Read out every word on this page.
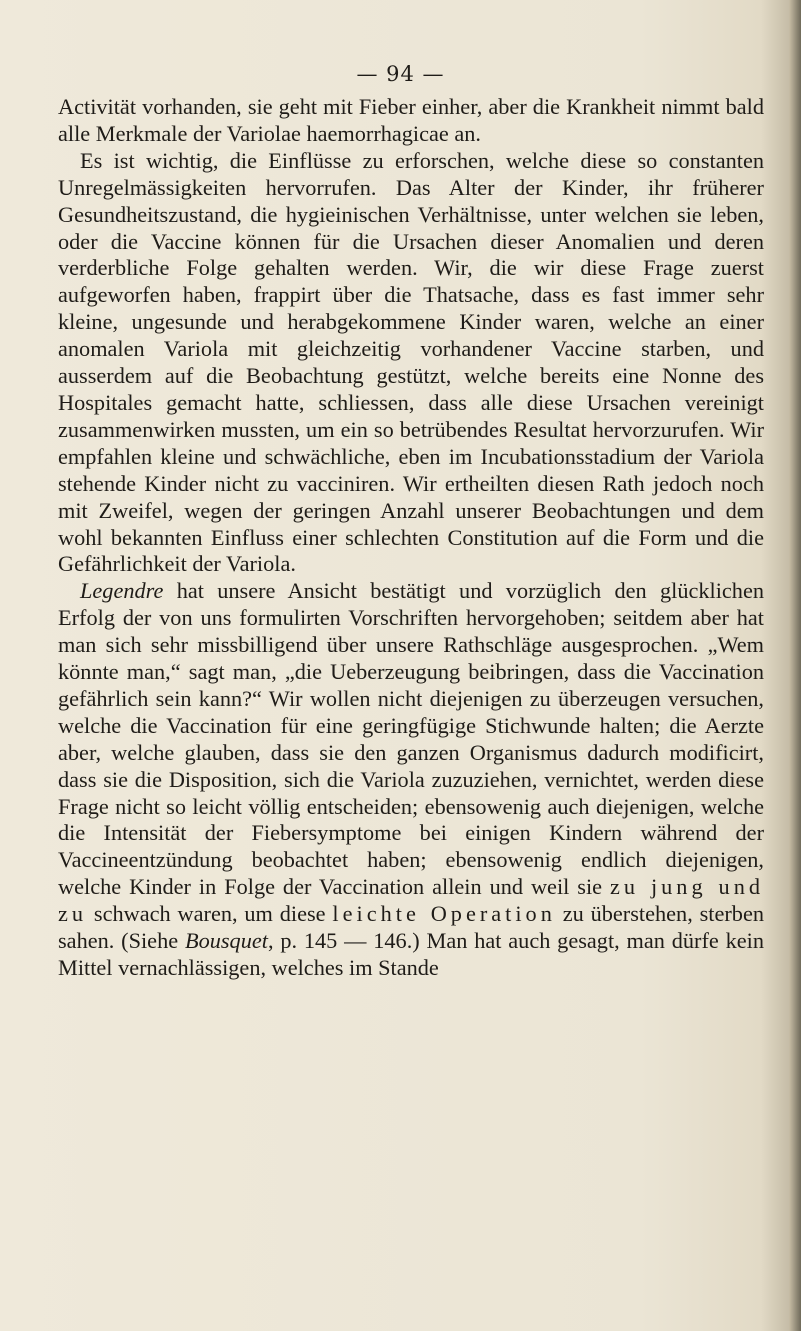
— 94 —

Activität vorhanden, sie geht mit Fieber einher, aber die Krankheit nimmt bald alle Merkmale der Variolae haemorrhagicae an.

Es ist wichtig, die Einflüsse zu erforschen, welche diese so constanten Unregelmässigkeiten hervorrufen. Das Alter der Kinder, ihr früherer Gesundheitszustand, die hygieinischen Verhältnisse, unter welchen sie leben, oder die Vaccine können für die Ursachen dieser Anomalien und deren verderbliche Folge gehalten werden. Wir, die wir diese Frage zuerst aufgeworfen haben, frappirt über die Thatsache, dass es fast immer sehr kleine, ungesunde und herabgekommene Kinder waren, welche an einer anomalen Variola mit gleichzeitig vorhandener Vaccine starben, und ausserdem auf die Beobachtung gestützt, welche bereits eine Nonne des Hospitales gemacht hatte, schliessen, dass alle diese Ursachen vereinigt zusammenwirken mussten, um ein so betrübendes Resultat hervorzurufen. Wir empfahlen kleine und schwächliche, eben im Incubationsstadium der Variola stehende Kinder nicht zu vacciniren. Wir ertheilten diesen Rath jedoch noch mit Zweifel, wegen der geringen Anzahl unserer Beobachtungen und dem wohl bekannten Einfluss einer schlechten Constitution auf die Form und die Gefährlichkeit der Variola.

Legendre hat unsere Ansicht bestätigt und vorzüglich den glücklichen Erfolg der von uns formulirten Vorschriften hervorgehoben; seitdem aber hat man sich sehr missbilligend über unsere Rathschläge ausgesprochen. „Wem könnte man,“ sagt man, „die Ueberzeugung beibringen, dass die Vaccination gefährlich sein kann?“ Wir wollen nicht diejenigen zu überzeugen versuchen, welche die Vaccination für eine geringfügige Stichwunde halten; die Aerzte aber, welche glauben, dass sie den ganzen Organismus dadurch modificirt, dass sie die Disposition, sich die Variola zuzuziehen, vernichtet, werden diese Frage nicht so leicht völlig entscheiden; ebensowenig auch diejenigen, welche die Intensität der Fiebersymptome bei einigen Kindern während der Vaccineentzündung beobachtet haben; ebensowenig endlich diejenigen, welche Kinder in Folge der Vaccination allein und weil sie zu jung und zu schwach waren, um diese leichte Operation zu überstehen, sterben sahen. (Siehe Bousquet, p. 145 — 146.) Man hat auch gesagt, man dürfe kein Mittel vernachlässigen, welches im Stande
